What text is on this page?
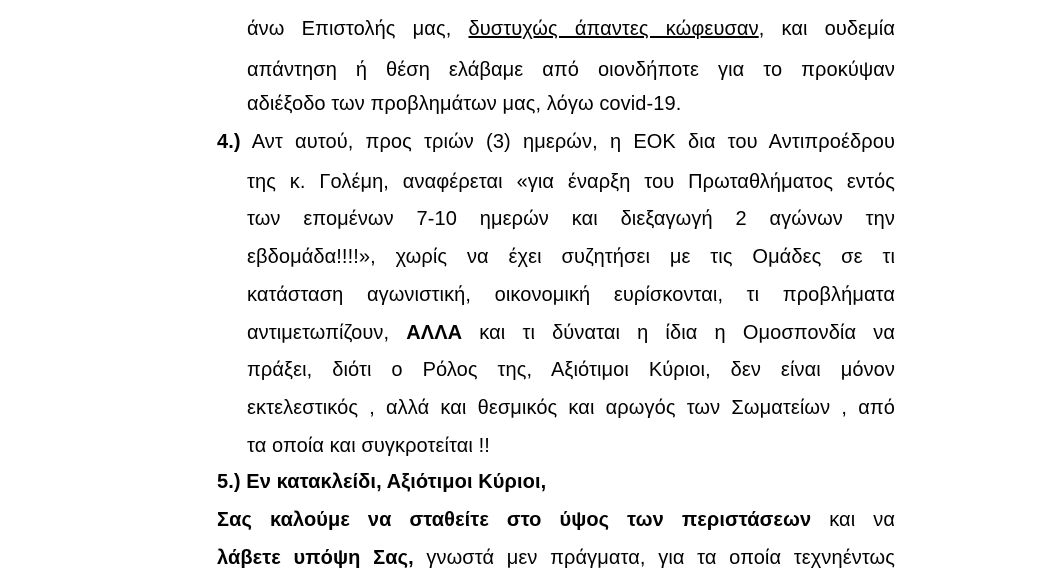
άνω Επιστολής μας, δυστυχώς άπαντες κώφευσαν, και ουδεμία
απάντηση ή θέση ελάβαμε από οιονδήποτε για το προκύψαν
αδιέξοδο των προβλημάτων μας, λόγω covid-19.
4.) Αντ αυτού, προς τριών (3) ημερών, η ΕΟΚ δια του Αντιπροέδρου
της κ. Γολέμη, αναφέρεται «για έναρξη του Πρωταθλήματος εντός
των επομένων 7-10 ημερών και διεξαγωγή 2 αγώνων την
εβδομάδα!!!!», χωρίς να έχει συζητήσει με τις Ομάδες σε τι
κατάσταση αγωνιστική, οικονομική ευρίσκονται, τι προβλήματα
αντιμετωπίζουν, ΑΛΛΑ και τι δύναται η ίδια η Ομοσπονδία να
πράξει, διότι ο Ρόλος της, Αξιότιμοι Κύριοι, δεν είναι μόνον
εκτελεστικός , αλλά και θεσμικός και αρωγός των Σωματείων , από
τα οποία και συγκροτείται !!
5.) Εν κατακλείδι, Αξιότιμοι Κύριοι,
Σας καλούμε να σταθείτε στο ύψος των περιστάσεων και να
λάβετε υπόψη Σας, γνωστά μεν πράγματα, για τα οποία τεχνηέντως
